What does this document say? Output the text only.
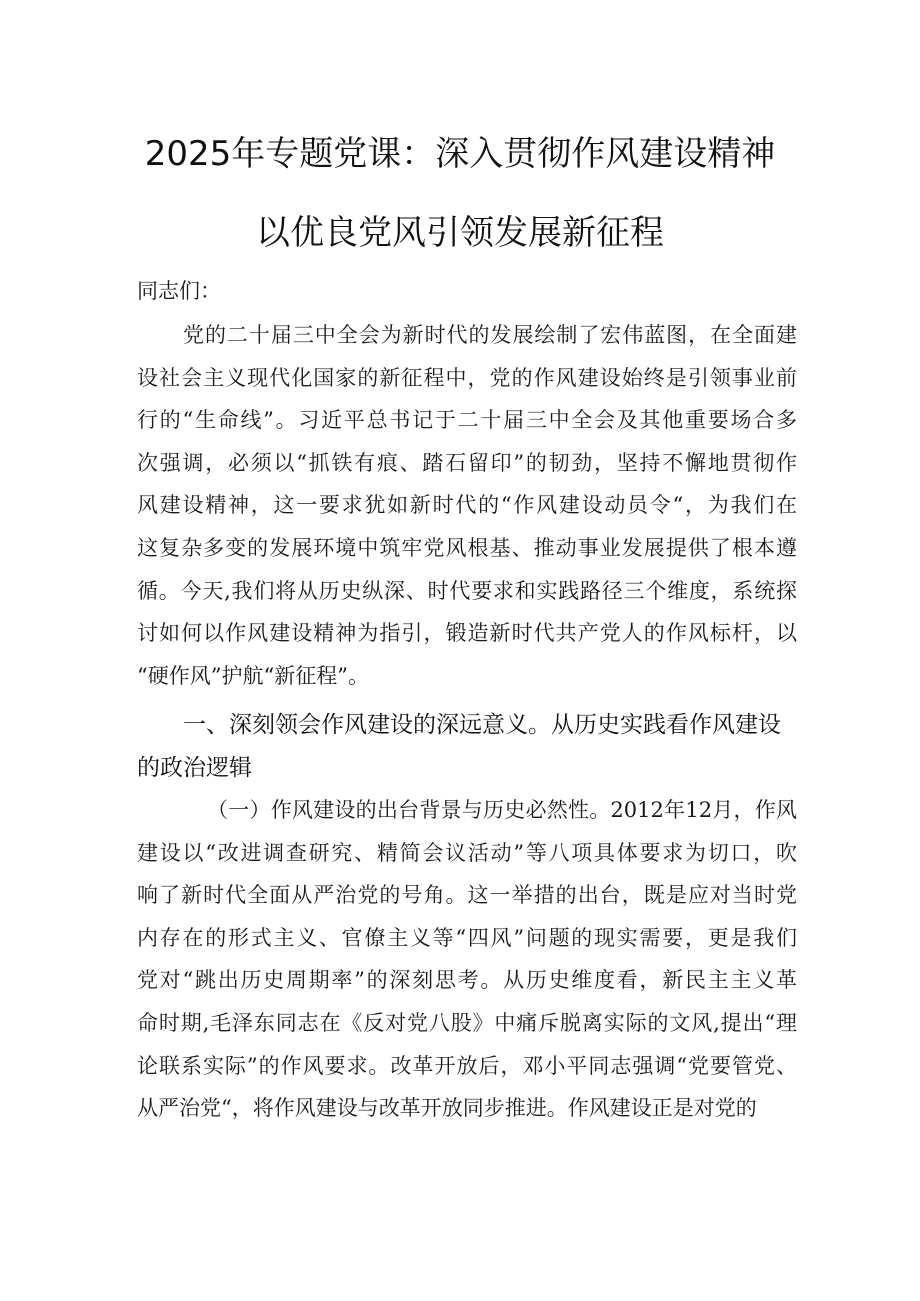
2025年专题党课：深入贯彻作风建设精神
以优良党风引领发展新征程
同志们：
党的二十届三中全会为新时代的发展绘制了宏伟蓝图，在全面建
设社会主义现代化国家的新征程中，党的作风建设始终是引领事业前
行的“生命线”。习近平总书记于二十届三中全会及其他重要场合多
次强调，必须以“抓铁有痕、踏石留印”的韧劲，坚持不懈地贯彻作
风建设精神，这一要求犹如新时代的“作风建设动员令“，为我们在
这复杂多变的发展环境中筑牢党风根基、推动事业发展提供了根本遵
循。今天,我们将从历史纵深、时代要求和实践路径三个维度，系统探
讨如何以作风建设精神为指引，锻造新时代共产党人的作风标杆，以
“硬作风”护航“新征程”。
一、深刻领会作风建设的深远意义。从历史实践看作风建设
的政治逻辑
（一）作风建设的出台背景与历史必然性。2012年12月，作风
建设以“改进调查研究、精简会议活动”等八项具体要求为切口，吹
响了新时代全面从严治党的号角。这一举措的出台，既是应对当时党
内存在的形式主义、官僚主义等“四风”问题的现实需要，更是我们
党对“跳出历史周期率”的深刻思考。从历史维度看，新民主主义革
命时期,毛泽东同志在《反对党八股》中痛斥脱离实际的文风,提出“理
论联系实际”的作风要求。改革开放后，邓小平同志强调“党要管党、
从严治党“，将作风建设与改革开放同步推进。作风建设正是对党的
